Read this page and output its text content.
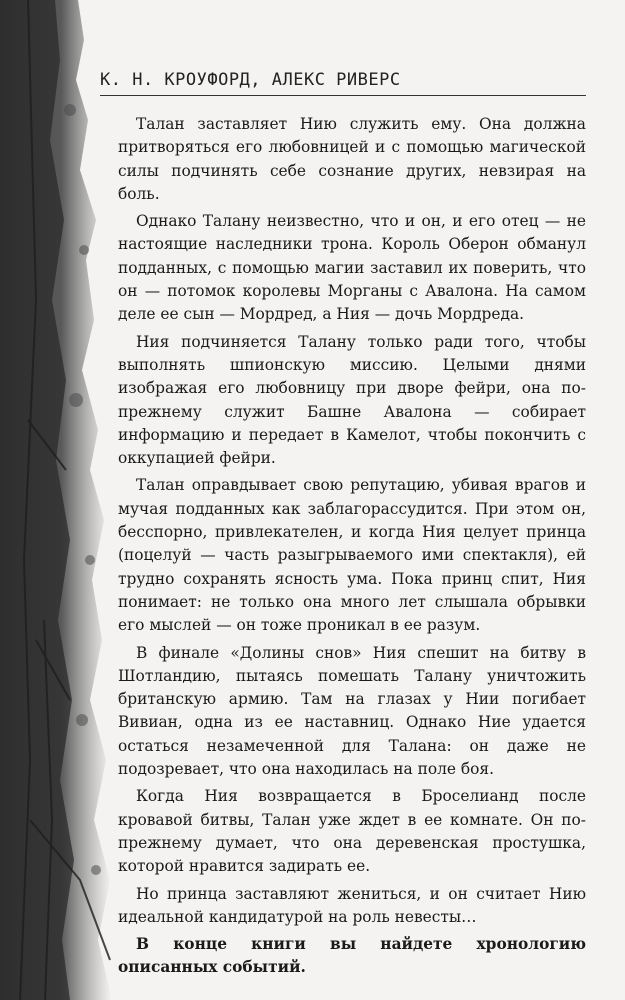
К. Н. КРОУФОРД, АЛЕКС РИВЕРС

Талан заставляет Нию служить ему. Она должна притворяться его любовницей и с помощью магической силы подчинять себе сознание других, невзирая на боль.

Однако Талану неизвестно, что и он, и его отец — не настоящие наследники трона. Король Оберон обманул подданных, с помощью магии заставил их поверить, что он — потомок королевы Морганы с Авалона. На самом деле ее сын — Мордред, а Ния — дочь Мордреда.

Ния подчиняется Талану только ради того, чтобы выполнять шпионскую миссию. Целыми днями изображая его любовницу при дворе фейри, она по-прежнему служит Башне Авалона — собирает информацию и передает в Камелот, чтобы покончить с оккупацией фейри.

Талан оправдывает свою репутацию, убивая врагов и мучая подданных как заблагорассудится. При этом он, бесспорно, привлекателен, и когда Ния целует принца (поцелуй — часть разыгрываемого ими спектакля), ей трудно сохранять ясность ума. Пока принц спит, Ния понимает: не только она много лет слышала обрывки его мыслей — он тоже проникал в ее разум.

В финале «Долины снов» Ния спешит на битву в Шотландию, пытаясь помешать Талану уничтожить британскую армию. Там на глазах у Нии погибает Вивиан, одна из ее наставниц. Однако Ние удается остаться незамеченной для Талана: он даже не подозревает, что она находилась на поле боя.

Когда Ния возвращается в Броселианд после кровавой битвы, Талан уже ждет в ее комнате. Он по-прежнему думает, что она деревенская простушка, которой нравится задирать ее.

Но принца заставляют жениться, и он считает Нию идеальной кандидатурой на роль невесты…

В конце книги вы найдете хронологию описанных событий.
